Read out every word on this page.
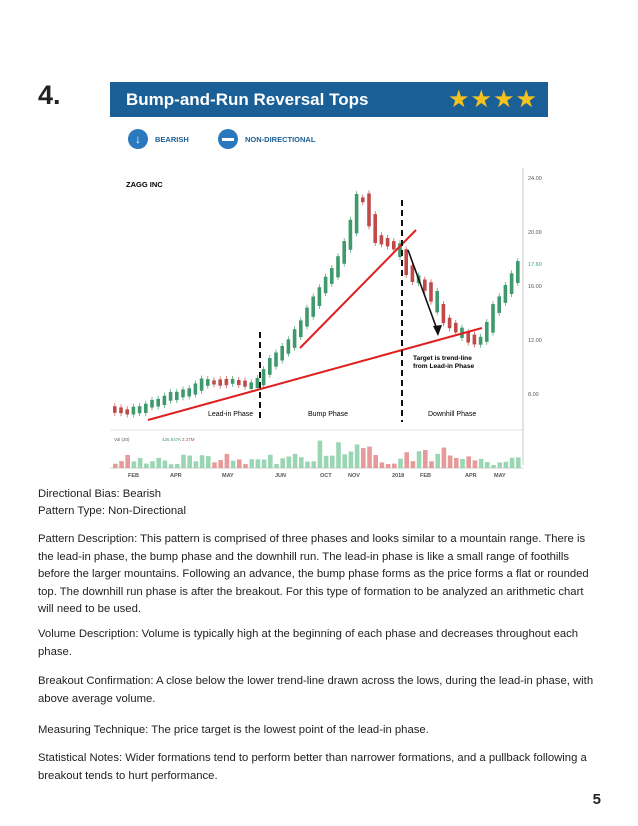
4.	Bump-and-Run Reversal Tops	★★★★
↓	BEARISH	NON-DIRECTIONAL
24.00
20.00
17.60
16.00
12.00
8.00
FEB	APR	MAY	JUN	OCT	NOV	2018	FEB	APR	MAY
ZAGG INC
Lead-in Phase	Bump Phase	Downhill Phase
Target is trend-line
from Lead-in Phase
Vol (20)	426.647K 3.37M

Directional Bias: Bearish

Pattern Type: Non-Directional

Pattern Description: This pattern is comprised of three phases and looks similar to a mountain range. There is the lead-in phase, the bump phase and the downhill run. The lead-in phase is like a small range of foothills before the larger mountains. Following an advance, the bump phase forms as the price forms a flat or rounded top. The downhill run phase is after the breakout. For this type of formation to be analyzed an arithmetic chart will need to be used.

Volume Description: Volume is typically high at the beginning of each phase and decreases throughout each phase.

Breakout Confirmation: A close below the lower trend-line drawn across the lows, during the lead-in phase, with above average volume.

Measuring Technique: The price target is the lowest point of the lead-in phase.

Statistical Notes: Wider formations tend to perform better than narrower formations, and a pullback following a breakout tends to hurt performance.

5
